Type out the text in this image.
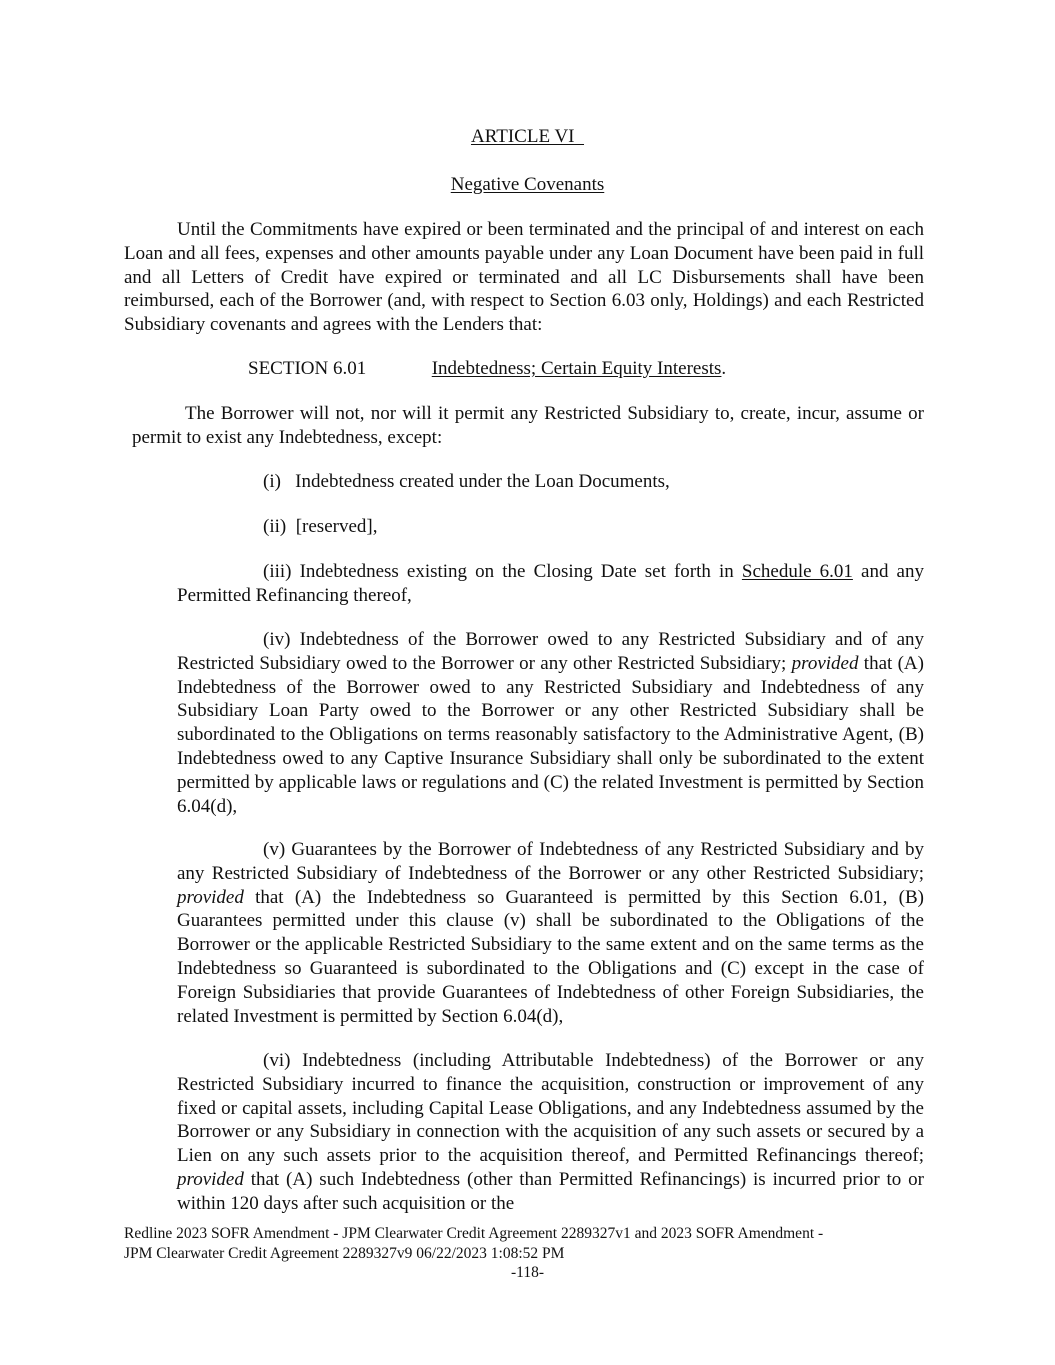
ARTICLE VI
Negative Covenants

Until the Commitments have expired or been terminated and the principal of and interest on each Loan and all fees, expenses and other amounts payable under any Loan Document have been paid in full and all Letters of Credit have expired or terminated and all LC Disbursements shall have been reimbursed, each of the Borrower (and, with respect to Section 6.03 only, Holdings) and each Restricted Subsidiary covenants and agrees with the Lenders that:

SECTION 6.01	Indebtedness; Certain Equity Interests.

The Borrower will not, nor will it permit any Restricted Subsidiary to, create, incur, assume or permit to exist any Indebtedness, except:

(i)   Indebtedness created under the Loan Documents,
(ii)  [reserved],

(iii) Indebtedness existing on the Closing Date set forth in Schedule 6.01 and any Permitted Refinancing thereof,

(iv) Indebtedness of the Borrower owed to any Restricted Subsidiary and of any Restricted Subsidiary owed to the Borrower or any other Restricted Subsidiary; provided that (A) Indebtedness of the Borrower owed to any Restricted Subsidiary and Indebtedness of any Subsidiary Loan Party owed to the Borrower or any other Restricted Subsidiary shall be subordinated to the Obligations on terms reasonably satisfactory to the Administrative Agent, (B) Indebtedness owed to any Captive Insurance Subsidiary shall only be subordinated to the extent permitted by applicable laws or regulations and (C) the related Investment is permitted by Section 6.04(d),

(v) Guarantees by the Borrower of Indebtedness of any Restricted Subsidiary and by any Restricted Subsidiary of Indebtedness of the Borrower or any other Restricted Subsidiary; provided that (A) the Indebtedness so Guaranteed is permitted by this Section 6.01, (B) Guarantees permitted under this clause (v) shall be subordinated to the Obligations of the Borrower or the applicable Restricted Subsidiary to the same extent and on the same terms as the Indebtedness so Guaranteed is subordinated to the Obligations and (C) except in the case of Foreign Subsidiaries that provide Guarantees of Indebtedness of other Foreign Subsidiaries, the related Investment is permitted by Section 6.04(d),

(vi) Indebtedness (including Attributable Indebtedness) of the Borrower or any Restricted Subsidiary incurred to finance the acquisition, construction or improvement of any fixed or capital assets, including Capital Lease Obligations, and any Indebtedness assumed by the Borrower or any Subsidiary in connection with the acquisition of any such assets or secured by a Lien on any such assets prior to the acquisition thereof, and Permitted Refinancings thereof; provided that (A) such Indebtedness (other than Permitted Refinancings) is incurred prior to or within 120 days after such acquisition or the

Redline 2023 SOFR Amendment - JPM Clearwater Credit Agreement 2289327v1 and 2023 SOFR Amendment -
JPM Clearwater Credit Agreement 2289327v9 06/22/2023 1:08:52 PM
-118-
